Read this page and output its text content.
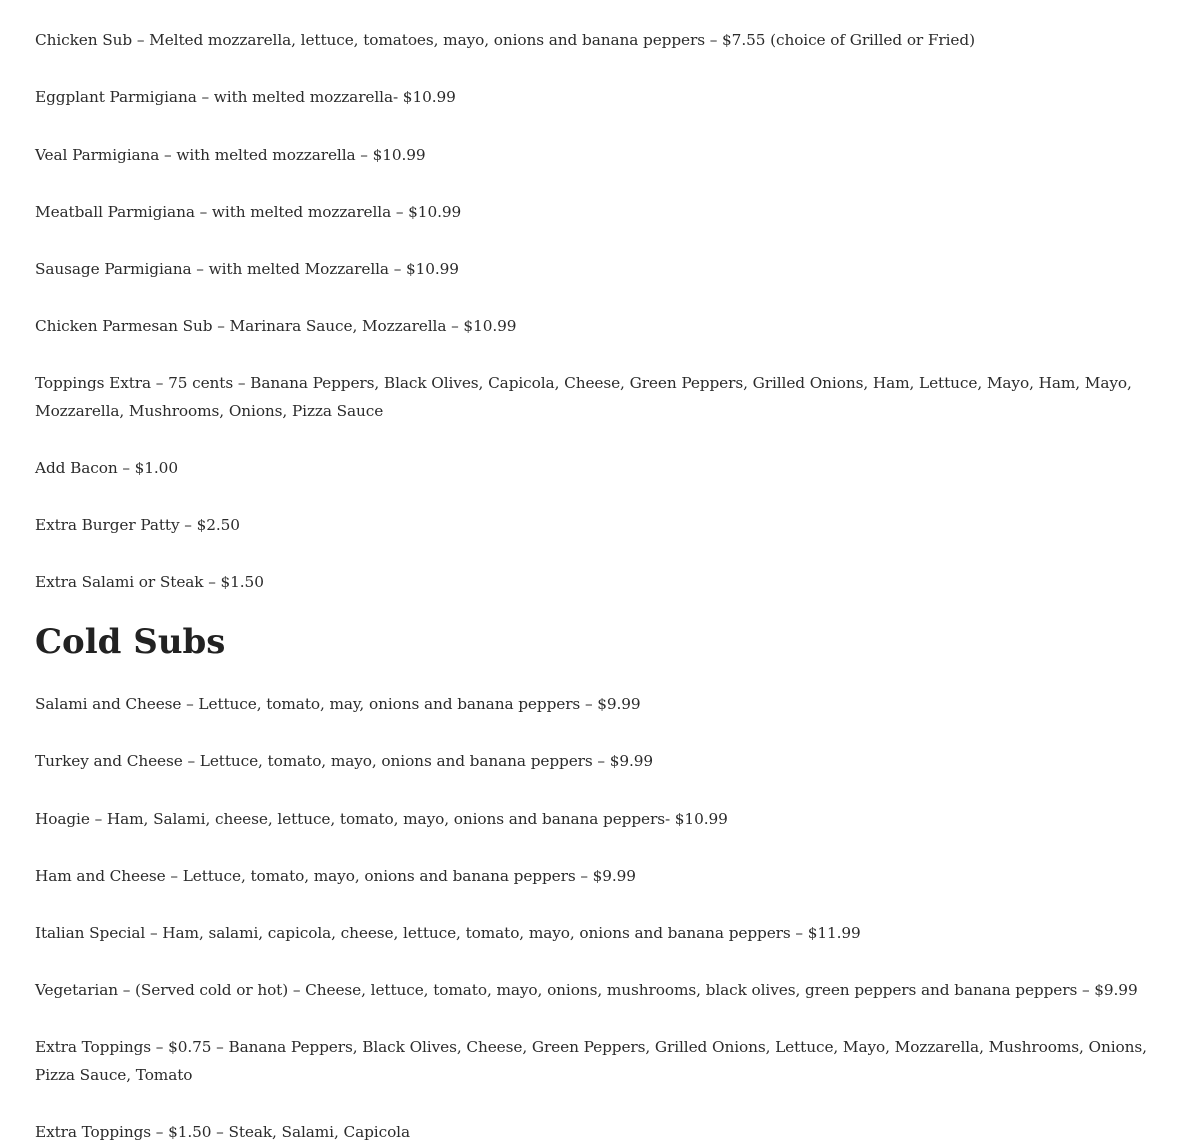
Chicken Sub – Melted mozzarella, lettuce, tomatoes, mayo, onions and banana peppers – $7.55 (choice of Grilled or Fried)

Eggplant Parmigiana – with melted mozzarella- $10.99

Veal Parmigiana – with melted mozzarella – $10.99

Meatball Parmigiana – with melted mozzarella – $10.99

Sausage Parmigiana – with melted Mozzarella – $10.99

Chicken Parmesan Sub – Marinara Sauce, Mozzarella – $10.99

Toppings Extra – 75 cents – Banana Peppers, Black Olives, Capicola, Cheese, Green Peppers, Grilled Onions, Ham, Lettuce, Mayo, Ham, Mayo, Mozzarella, Mushrooms, Onions, Pizza Sauce

Add Bacon – $1.00

Extra Burger Patty – $2.50

Extra Salami or Steak – $1.50

Cold Subs

Salami and Cheese – Lettuce, tomato, may, onions and banana peppers – $9.99

Turkey and Cheese – Lettuce, tomato, mayo, onions and banana peppers – $9.99

Hoagie – Ham, Salami, cheese, lettuce, tomato, mayo, onions and banana peppers- $10.99

Ham and Cheese – Lettuce, tomato, mayo, onions and banana peppers – $9.99

Italian Special – Ham, salami, capicola, cheese, lettuce, tomato, mayo, onions and banana peppers – $11.99

Vegetarian – (Served cold or hot) – Cheese, lettuce, tomato, mayo, onions, mushrooms, black olives, green peppers and banana peppers – $9.99

Extra Toppings – $0.75 – Banana Peppers, Black Olives, Cheese, Green Peppers, Grilled Onions, Lettuce, Mayo, Mozzarella, Mushrooms, Onions, Pizza Sauce, Tomato

Extra Toppings – $1.50 – Steak, Salami, Capicola
